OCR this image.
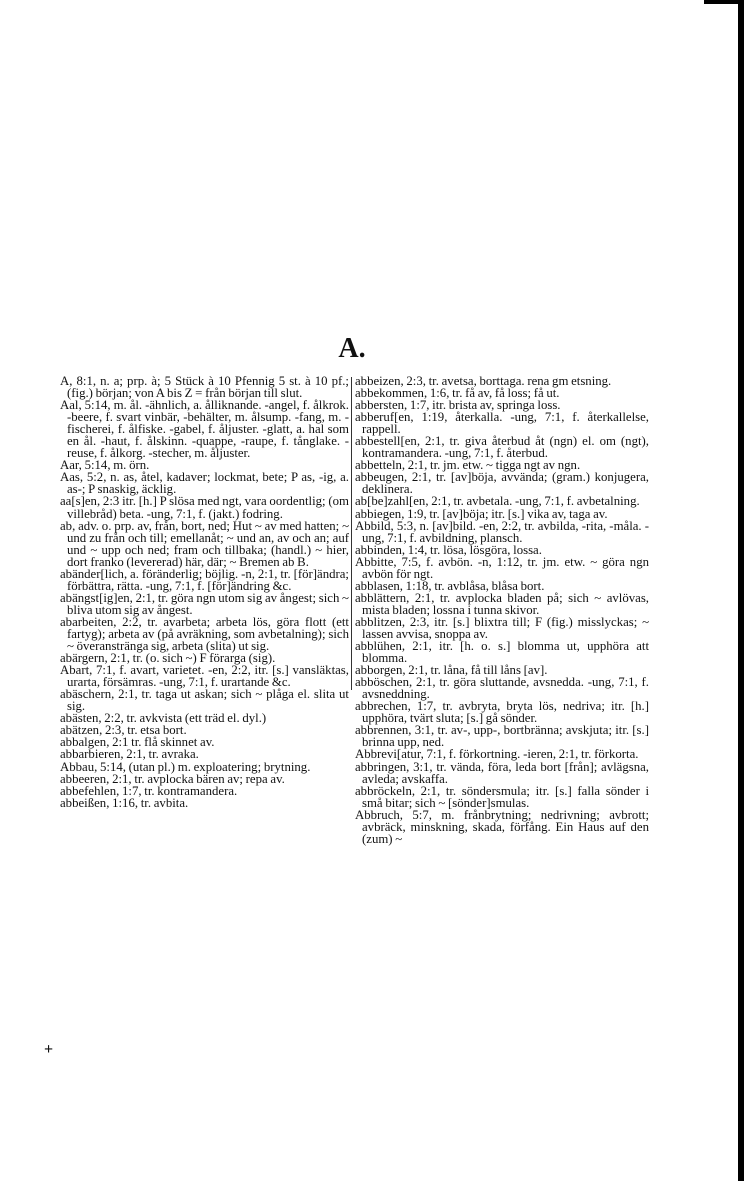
A.

A, 8:1, n. a; prp. à; 5 Stück à 10 Pfennig 5 st. à 10 pf.; (fig.) början; von A bis Z = från början till slut.

Aal, 5:14, m. ål. -ähnlich, a. ålliknande. -angel, f. ålkrok. -beere, f. svart vinbär, -behälter, m. ålsump. -fang, m. -fischerei, f. ålfiske. -gabel, f. åljuster. -glatt, a. hal som en ål. -haut, f. ålskinn. -quappe, -raupe, f. tånglake. -reuse, f. ålkorg. -stecher, m. åljuster.

Aar, 5:14, m. örn.

Aas, 5:2, n. as, åtel, kadaver; lockmat, bete; P as, -ig, a. as-; P snaskig, äcklig.

aa[s]en, 2:3 itr. [h.] P slösa med ngt, vara oordentlig; (om villebråd) beta. -ung, 7:1, f. (jakt.) fodring.

ab, adv. o. prp. av, från, bort, ned; Hut ~ av med hatten; ~ und zu från och till; emellanåt; ~ und an, av och an; auf und ~ upp och ned; fram och tillbaka; (handl.) ~ hier, dort franko (levererad) här, där; ~ Bremen ab B.

abänder[lich, a. föränderlig; böjlig. -n, 2:1, tr. [för]ändra; förbättra, rätta. -ung, 7:1, f. [för]ändring &c.

abängst[ig]en, 2:1, tr. göra ngn utom sig av ångest; sich ~ bliva utom sig av ångest.

abarbeiten, 2:2, tr. avarbeta; arbeta lös, göra flott (ett fartyg); arbeta av (på avräkning, som avbetalning); sich ~ överanstränga sig, arbeta (slita) ut sig.

abärgern, 2:1, tr. (o. sich ~) F förarga (sig).

Abart, 7:1, f. avart, varietet. -en, 2:2, itr. [s.] vansläktas, urarta, försämras. -ung, 7:1, f. urartande &c.

abäschern, 2:1, tr. taga ut askan; sich ~ plåga el. slita ut sig.

abästen, 2:2, tr. avkvista (ett träd el. dyl.)

abätzen, 2:3, tr. etsa bort.

abbalgen, 2:1 tr. flå skinnet av.

abbarbieren, 2:1, tr. avraka.

Abbau, 5:14, (utan pl.) m. exploatering; brytning.

abbeeren, 2:1, tr. avplocka bären av; repa av.

abbefehlen, 1:7, tr. kontramandera.

abbeißen, 1:16, tr. avbita.

abbeizen, 2:3, tr. avetsa, borttaga. rena gm etsning.

abbekommen, 1:6, tr. få av, få loss; få ut.

abbersten, 1:7, itr. brista av, springa loss.

abberuf[en, 1:19, återkalla. -ung, 7:1, f. återkallelse, rappell.

abbestell[en, 2:1, tr. giva återbud åt (ngn) el. om (ngt), kontramandera. -ung, 7:1, f. återbud.

abbetteln, 2:1, tr. jm. etw. ~ tigga ngt av ngn.

abbeugen, 2:1, tr. [av]böja, avvända; (gram.) konjugera, deklinera.

ab[be]zahl[en, 2:1, tr. avbetala. -ung, 7:1, f. avbetalning.

abbiegen, 1:9, tr. [av]böja; itr. [s.] vika av, taga av.

Abbild, 5:3, n. [av]bild. -en, 2:2, tr. avbilda, -rita, -måla. -ung, 7:1, f. avbildning, plansch.

abbinden, 1:4, tr. lösa, lösgöra, lossa.

Abbitte, 7:5, f. avbön. -n, 1:12, tr. jm. etw. ~ göra ngn avbön för ngt.

abblasen, 1:18, tr. avblåsa, blåsa bort.

abblättern, 2:1, tr. avplocka bladen på; sich ~ avlövas, mista bladen; lossna i tunna skivor.

abblitzen, 2:3, itr. [s.] blixtra till; F (fig.) misslyckas; ~ lassen avvisa, snoppa av.

abblühen, 2:1, itr. [h. o. s.] blomma ut, upphöra att blomma.

abborgen, 2:1, tr. låna, få till låns [av].

abböschen, 2:1, tr. göra sluttande, avsnedda. -ung, 7:1, f. avsneddning.

abbrechen, 1:7, tr. avbryta, bryta lös, nedriva; itr. [h.] upphöra, tvärt sluta; [s.] gå sönder.

abbrennen, 3:1, tr. av-, upp-, bortbränna; avskjuta; itr. [s.] brinna upp, ned.

Abbrevi[atur, 7:1, f. förkortning. -ieren, 2:1, tr. förkorta.

abbringen, 3:1, tr. vända, föra, leda bort [från]; avlägsna, avleda; avskaffa.

abbröckeln, 2:1, tr. söndersmula; itr. [s.] falla sönder i små bitar; sich ~ [sönder]smulas.

Abbruch, 5:7, m. frånbrytning; nedrivning; avbrott; avbräck, minskning, skada, förfång. Ein Haus auf den (zum) ~

+
